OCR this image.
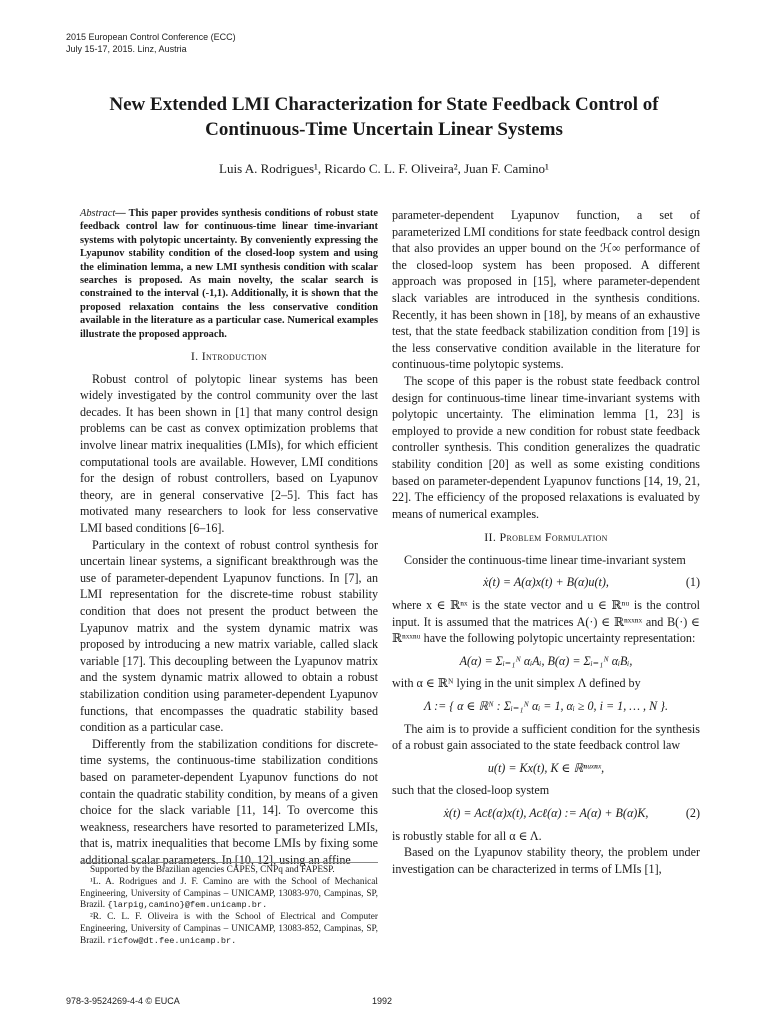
2015 European Control Conference (ECC)
July 15-17, 2015. Linz, Austria
New Extended LMI Characterization for State Feedback Control of
Continuous-Time Uncertain Linear Systems
Luis A. Rodrigues¹, Ricardo C. L. F. Oliveira², Juan F. Camino¹

Abstract— This paper provides synthesis conditions of robust state feedback control law for continuous-time linear time-invariant systems with polytopic uncertainty. By conveniently expressing the Lyapunov stability condition of the closed-loop system and using the elimination lemma, a new LMI synthesis condition with scalar searches is proposed. As main novelty, the scalar search is constrained to the interval (-1,1). Additionally, it is shown that the proposed relaxation contains the less conservative condition available in the literature as a particular case. Numerical examples illustrate the proposed approach.

I. Introduction

Robust control of polytopic linear systems has been widely investigated by the control community over the last decades. It has been shown in [1] that many control design problems can be cast as convex optimization problems that involve linear matrix inequalities (LMIs), for which efficient computational tools are available. However, LMI conditions for the design of robust controllers, based on Lyapunov theory, are in general conservative [2–5]. This fact has motivated many researchers to look for less conservative LMI based conditions [6–16].

Particulary in the context of robust control synthesis for uncertain linear systems, a significant breakthrough was the use of parameter-dependent Lyapunov functions. In [7], an LMI representation for the discrete-time robust stability condition that does not present the product between the Lyapunov matrix and the system dynamic matrix was proposed by introducing a new matrix variable, called slack variable [17]. This decoupling between the Lyapunov matrix and the system dynamic matrix allowed to obtain a robust stabilization condition using parameter-dependent Lyapunov functions, that encompasses the quadratic stability based condition as a particular case.

Differently from the stabilization conditions for discrete-time systems, the continuous-time stabilization conditions based on parameter-dependent Lyapunov functions do not contain the quadratic stability condition, by means of a given choice for the slack variable [11, 14]. To overcome this weakness, researchers have resorted to parameterized LMIs, that is, matrix inequalities that become LMIs by fixing some additional scalar parameters. In [10, 12], using an affine

parameter-dependent Lyapunov function, a set of parameterized LMI conditions for state feedback control design that also provides an upper bound on the ℋ∞ performance of the closed-loop system has been proposed. A different approach was proposed in [15], where parameter-dependent slack variables are introduced in the synthesis conditions. Recently, it has been shown in [18], by means of an exhaustive test, that the state feedback stabilization condition from [19] is the less conservative condition available in the literature for continuous-time polytopic systems.

The scope of this paper is the robust state feedback control design for continuous-time linear time-invariant systems with polytopic uncertainty. The elimination lemma [1, 23] is employed to provide a new condition for robust state feedback controller synthesis. This condition generalizes the quadratic stability condition [20] as well as some existing conditions based on parameter-dependent Lyapunov functions [14, 19, 21, 22]. The efficiency of the proposed relaxations is evaluated by means of numerical examples.

II. Problem Formulation

Consider the continuous-time linear time-invariant system

ẋ(t) = A(α)x(t) + B(α)u(t),	(1)

where x ∈ ℝⁿˣ is the state vector and u ∈ ℝⁿᵘ is the control input. It is assumed that the matrices A(·) ∈ ℝⁿˣˣⁿˣ and B(·) ∈ ℝⁿˣˣⁿᵘ have the following polytopic uncertainty representation:

A(α) = Σᵢ₌₁ᴺ αᵢAᵢ, B(α) = Σᵢ₌₁ᴺ αᵢBᵢ,

with α ∈ ℝᴺ lying in the unit simplex Λ defined by

Λ := { α ∈ ℝᴺ : Σᵢ₌₁ᴺ αᵢ = 1, αᵢ ≥ 0, i = 1, … , N }.

The aim is to provide a sufficient condition for the synthesis of a robust gain associated to the state feedback control law

u(t) = Kx(t), K ∈ ℝⁿᵘˣⁿˣ,

such that the closed-loop system

ẋ(t) = Aᴄℓ(α)x(t), Aᴄℓ(α) := A(α) + B(α)K,	(2)

is robustly stable for all α ∈ Λ.

Based on the Lyapunov stability theory, the problem under investigation can be characterized in terms of LMIs [1],

Supported by the Brazilian agencies CAPES, CNPq and FAPESP.
¹L. A. Rodrigues and J. F. Camino are with the School of Mechanical Engineering, University of Campinas – UNICAMP, 13083-970, Campinas, SP, Brazil. {larpig,camino}@fem.unicamp.br.
²R. C. L. F. Oliveira is with the School of Electrical and Computer Engineering, University of Campinas – UNICAMP, 13083-852, Campinas, SP, Brazil. ricfow@dt.fee.unicamp.br.
978-3-9524269-4-4 © EUCA	1992
